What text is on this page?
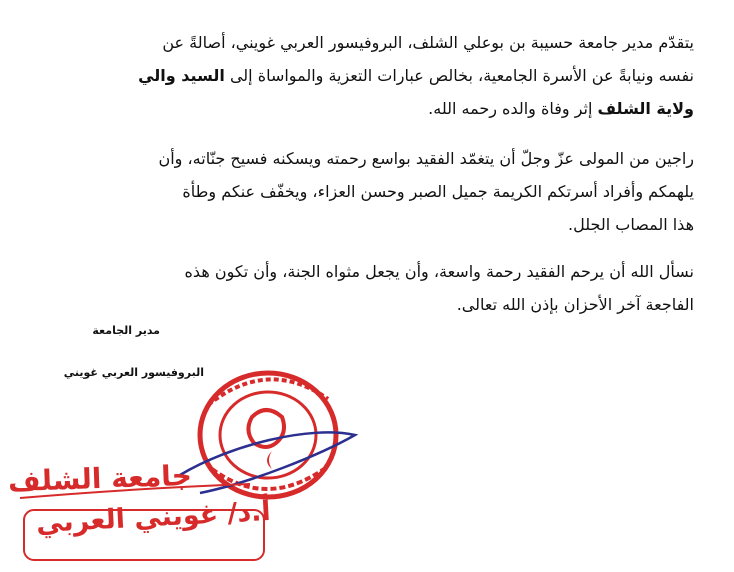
يتقدّم مدير جامعة حسيبة بن بوعلي الشلف، البروفيسور العربي غويني، أصالةً عن
نفسه ونيابةً عن الأسرة الجامعية، بخالص عبارات التعزية والمواساة إلى السيد والي
ولاية الشلف إثر وفاة والده رحمه الله.

راجين من المولى عزّ وجلّ أن يتغمّد الفقيد بواسع رحمته ويسكنه فسيح جنّاته، وأن
يلهمكم وأفراد أسرتكم الكريمة جميل الصبر وحسن العزاء، ويخفّف عنكم وطأة
هذا المصاب الجلل.

نسأل الله أن يرحم الفقيد رحمة واسعة، وأن يجعل مثواه الجنة، وأن تكون هذه
الفاجعة آخر الأحزان بإذن الله تعالى.

مدير الجامعة
البروفيسور العربي غويني
جامعة الشلف
أ.د/ غويني العربي
